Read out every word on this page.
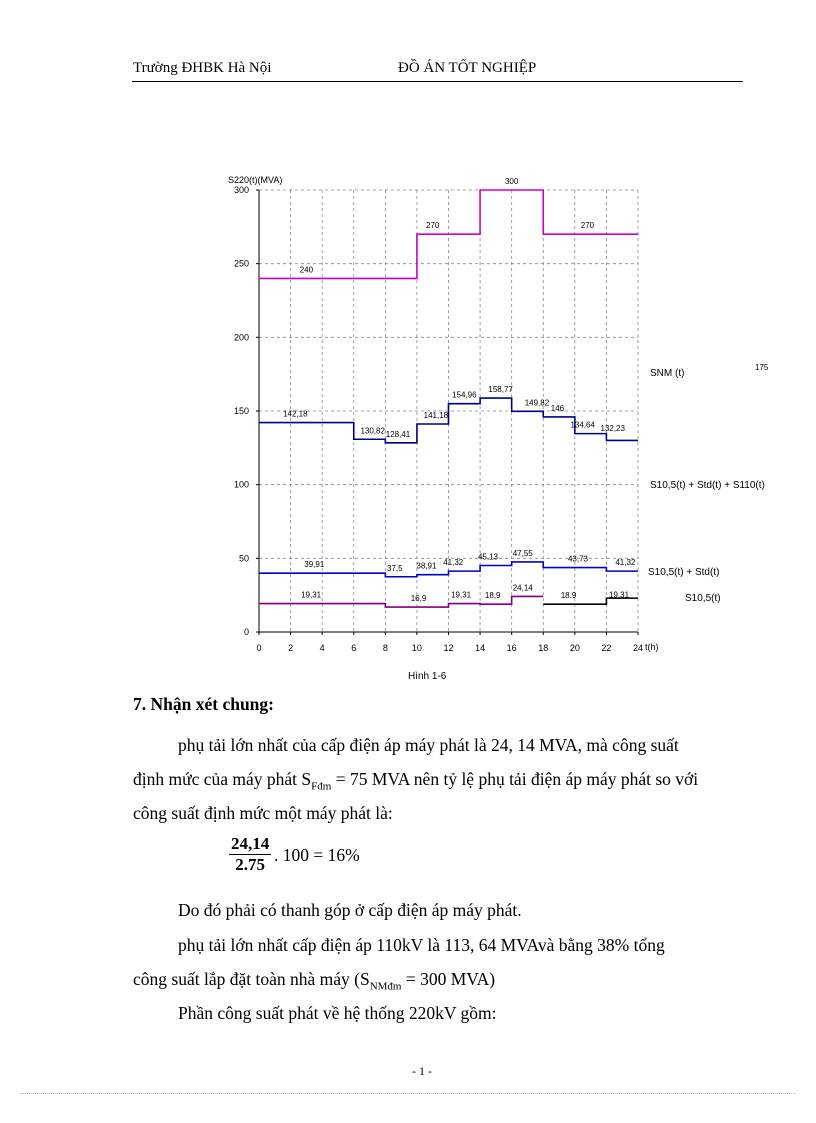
Trường ĐHBK Hà Nội	ĐỒ ÁN TỐT NGHIỆP
0	2	4	6	8	10 12 14 16 18 20 22 24
0
50
100
150
200
250
300
S220(t)(MVA)
t(h)
240
270
300
270
142,18
130,82 128,41
141,18
154,96
158,77
149,82
146
134,64 132,23
39,91	37,5 38,91 41,32
45,13 47,55
43,73	41,32
19,31	16,9	19,31 18,9
24,14
18.9	19,31
SNM (t)
S10,5(t) + Std(t) + S110(t)
S10,5(t) + Std(t)
S10,5(t)
175
Hình 1-6
7. Nhận xét chung:
phụ tải lớn nhất của cấp điện áp máy phát là 24, 14 MVA, mà công suất
định mức của máy phát $S_{Fđm} = 75$ MVA nên tỷ lệ phụ tải điện áp máy phát so với
công suất định mức một máy phát là:
$\frac{24,14}{2.75}$ . 100 = 16%
Do đó phải có thanh góp ở cấp điện áp máy phát.
phụ tải lớn nhất cấp điện áp 110kV là 113, 64 MVAvà bằng 38% tổng
công suất lắp đặt toàn nhà máy ($S_{NMđm} = 300$ MVA)
Phần công suất phát về hệ thống 220kV gồm:
- 1 -
